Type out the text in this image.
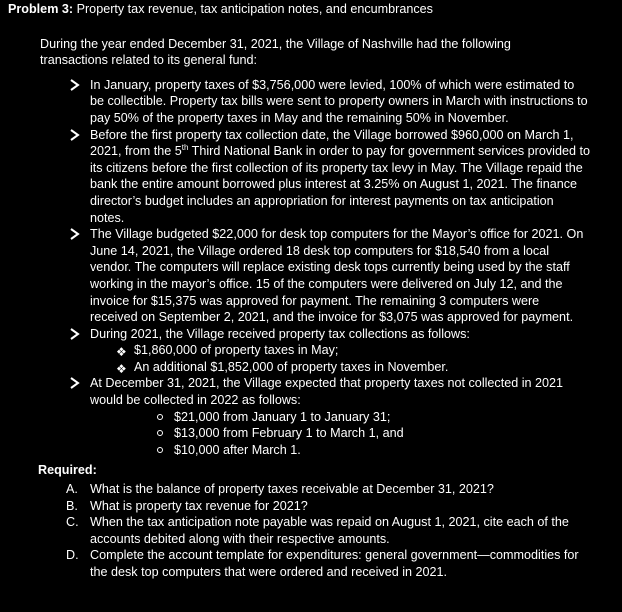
Problem 3: Property tax revenue, tax anticipation notes, and encumbrances

During the year ended December 31, 2021, the Village of Nashville had the following transactions related to its general fund:

In January, property taxes of $3,756,000 were levied, 100% of which were estimated to be collectible. Property tax bills were sent to property owners in March with instructions to pay 50% of the property taxes in May and the remaining 50% in November.
Before the first property tax collection date, the Village borrowed $960,000 on March 1, 2021, from the 5th Third National Bank in order to pay for government services provided to its citizens before the first collection of its property tax levy in May. The Village repaid the bank the entire amount borrowed plus interest at 3.25% on August 1, 2021. The finance director’s budget includes an appropriation for interest payments on tax anticipation notes.
The Village budgeted $22,000 for desk top computers for the Mayor’s office for 2021. On June 14, 2021, the Village ordered 18 desk top computers for $18,540 from a local vendor. The computers will replace existing desk tops currently being used by the staff working in the mayor’s office. 15 of the computers were delivered on July 12, and the invoice for $15,375 was approved for payment. The remaining 3 computers were received on September 2, 2021, and the invoice for $3,075 was approved for payment.
During 2021, the Village received property tax collections as follows:
❖ $1,860,000 of property taxes in May;
❖ An additional $1,852,000 of property taxes in November.
At December 31, 2021, the Village expected that property taxes not collected in 2021 would be collected in 2022 as follows:
$21,000 from January 1 to January 31;
$13,000 from February 1 to March 1, and
$10,000 after March 1.

Required:

A. What is the balance of property taxes receivable at December 31, 2021?
B. What is property tax revenue for 2021?
C. When the tax anticipation note payable was repaid on August 1, 2021, cite each of the accounts debited along with their respective amounts.
D. Complete the account template for expenditures: general government—commodities for the desk top computers that were ordered and received in 2021.
